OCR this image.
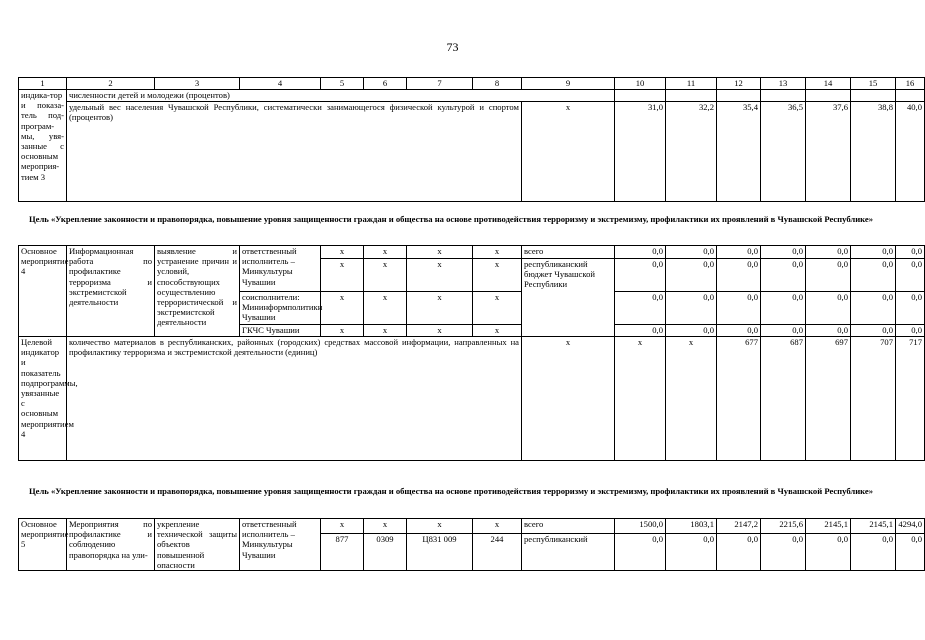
73
1	2	3	4	5	6	7	8	9	10	11	12	13	14	15	16
индика-тор и показа-тель под-програм-мы, увя-занные с основным мероприя-тием 3	численности детей и молодежи (процентов)														
	удельный вес населения Чувашской Республики, систематически занимающегося физической культурой и спортом (процентов)							х	31,0	32,2	35,4	36,5	37,6	38,8	40,0
Цель «Укрепление законности и правопорядка, повышение уровня защищенности граждан и общества на основе противодействия терроризму и экстремизму, профилактики их проявлений в Чувашской Республике»
Основное мероприятие 4	Информационная работа по профилактике терроризма и экстремистской деятельности	выявление и устранение причин и условий, способствующих осуществлению террористической и экстремистской деятельности	ответственный исполнитель – Минкультуры Чувашии	х	х	х	х	всего	0,0	0,0	0,0	0,0	0,0	0,0	0,0
				х	х	х	х	республиканский бюджет Чувашской Республики	0,0	0,0	0,0	0,0	0,0	0,0	0,0
			соисполнители: Мининформполитики Чувашии	х	х	х	х		0,0	0,0	0,0	0,0	0,0	0,0	0,0
			ГКЧС Чувашии	х	х	х	х		0,0	0,0	0,0	0,0	0,0	0,0	0,0
Целевой индикатор и показатель подпрограммы, увязанные с основным мероприятием 4	количество материалов в республиканских, районных (городских) средствах массовой информации, направленных на профилактику терроризма и экстремистской деятельности (единиц)							х	х	х	677	687	697	707	717
Цель «Укрепление законности и правопорядка, повышение уровня защищенности граждан и общества на основе противодействия терроризму и экстремизму, профилактики их проявлений в Чувашской Республике»
Основное мероприятие 5	Мероприятия по профилактике и соблюдению правопорядка на ули-	укрепление технической защиты объектов повышенной опасности	ответственный исполнитель – Минкультуры Чувашии	х	х	х	х	всего	1500,0	1803,1	2147,2	2215,6	2145,1	2145,1	4294,0
				877	0309	Ц831 009	244	республиканский	0,0	0,0	0,0	0,0	0,0	0,0	0,0
